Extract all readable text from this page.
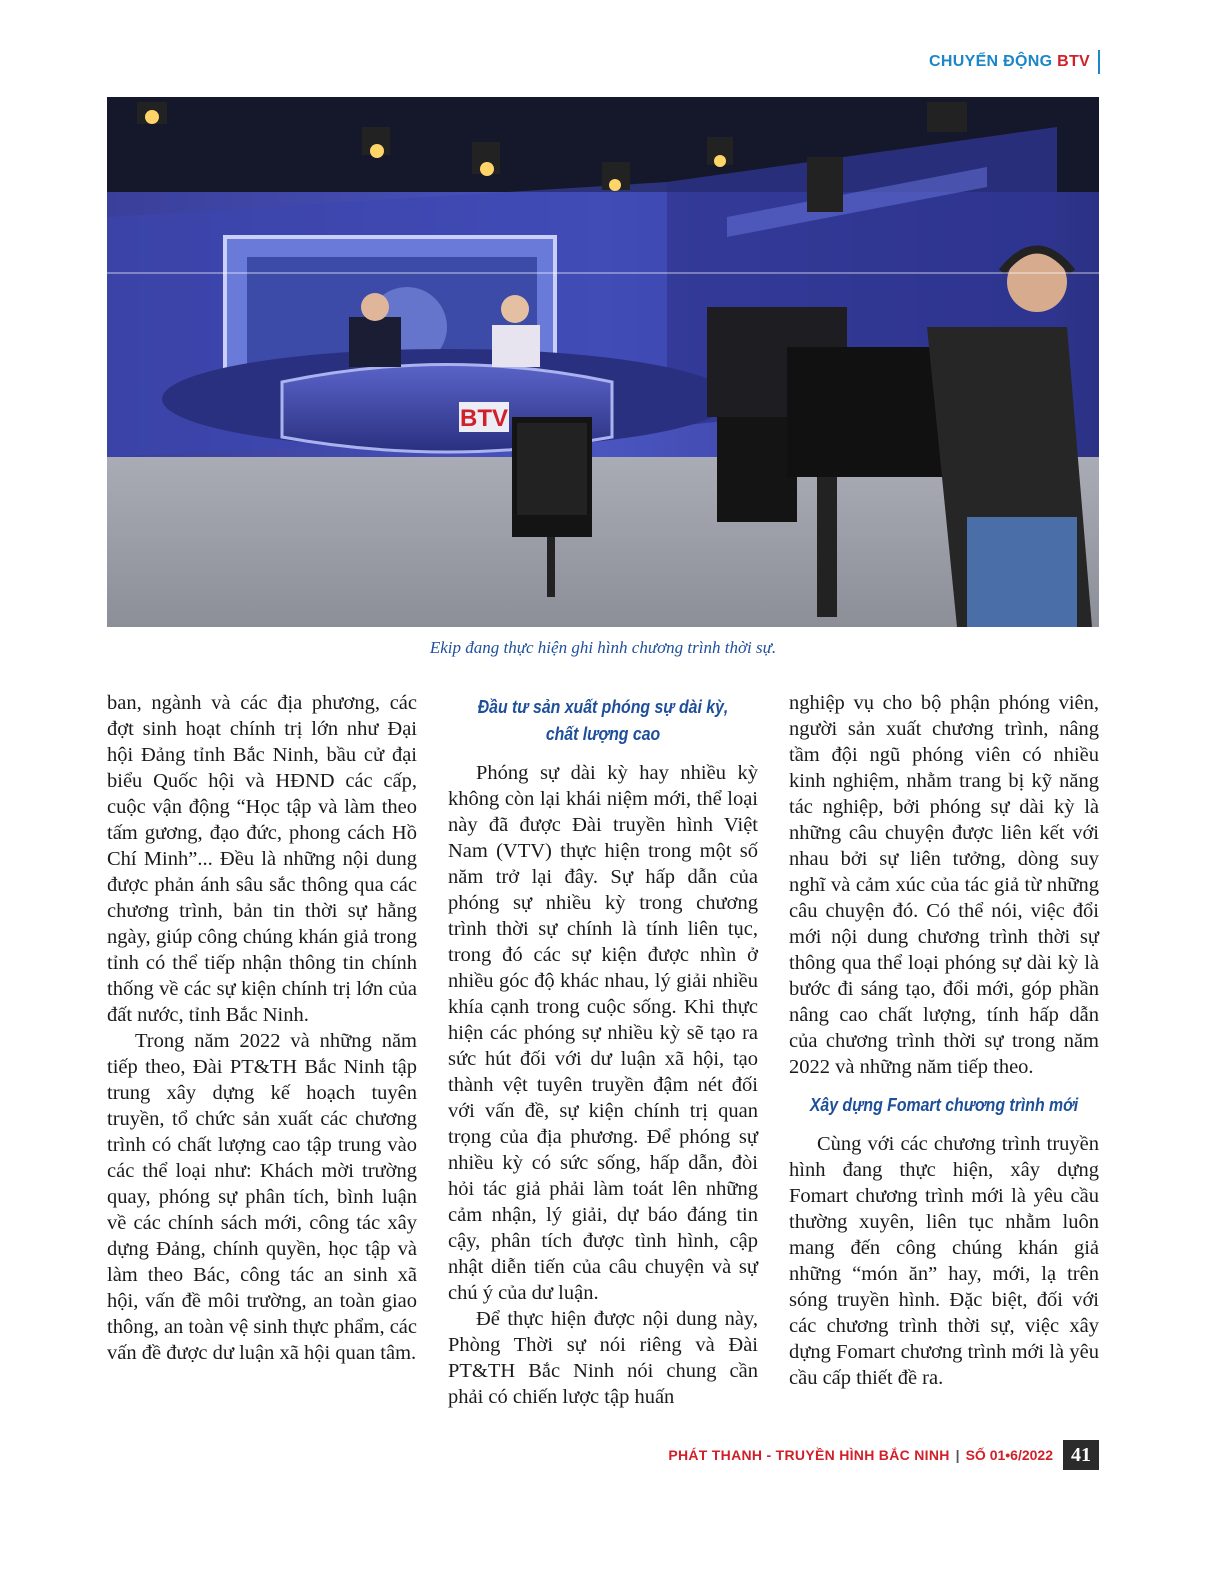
CHUYỂN ĐỘNG BTV
BTV
Ekip đang thực hiện ghi hình chương trình thời sự.

ban, ngành và các địa phương, các đợt sinh hoạt chính trị lớn như Đại hội Đảng tỉnh Bắc Ninh, bầu cử đại biểu Quốc hội và HĐND các cấp, cuộc vận động “Học tập và làm theo tấm gương, đạo đức, phong cách Hồ Chí Minh”... Đều là những nội dung được phản ánh sâu sắc thông qua các chương trình, bản tin thời sự hằng ngày, giúp công chúng khán giả trong tỉnh có thể tiếp nhận thông tin chính thống về các sự kiện chính trị lớn của đất nước, tỉnh Bắc Ninh.

Trong năm 2022 và những năm tiếp theo, Đài PT&TH Bắc Ninh tập trung xây dựng kế hoạch tuyên truyền, tổ chức sản xuất các chương trình có chất lượng cao tập trung vào các thể loại như: Khách mời trường quay, phóng sự phân tích, bình luận về các chính sách mới, công tác xây dựng Đảng, chính quyền, học tập và làm theo Bác, công tác an sinh xã hội, vấn đề môi trường, an toàn giao thông, an toàn vệ sinh thực phẩm, các vấn đề được dư luận xã hội quan tâm.

Đầu tư sản xuất phóng sự dài kỳ,
chất lượng cao

Phóng sự dài kỳ hay nhiều kỳ không còn lại khái niệm mới, thể loại này đã được Đài truyền hình Việt Nam (VTV) thực hiện trong một số năm trở lại đây. Sự hấp dẫn của phóng sự nhiều kỳ trong chương trình thời sự chính là tính liên tục, trong đó các sự kiện được nhìn ở nhiều góc độ khác nhau, lý giải nhiều khía cạnh trong cuộc sống. Khi thực hiện các phóng sự nhiều kỳ sẽ tạo ra sức hút đối với dư luận xã hội, tạo thành vệt tuyên truyền đậm nét đối với vấn đề, sự kiện chính trị quan trọng của địa phương. Để phóng sự nhiều kỳ có sức sống, hấp dẫn, đòi hỏi tác giả phải làm toát lên những cảm nhận, lý giải, dự báo đáng tin cậy, phân tích được tình hình, cập nhật diễn tiến của câu chuyện và sự chú ý của dư luận.

Để thực hiện được nội dung này, Phòng Thời sự nói riêng và Đài PT&TH Bắc Ninh nói chung cần phải có chiến lược tập huấn

nghiệp vụ cho bộ phận phóng viên, người sản xuất chương trình, nâng tầm đội ngũ phóng viên có nhiều kinh nghiệm, nhằm trang bị kỹ năng tác nghiệp, bởi phóng sự dài kỳ là những câu chuyện được liên kết với nhau bởi sự liên tưởng, dòng suy nghĩ và cảm xúc của tác giả từ những câu chuyện đó. Có thể nói, việc đổi mới nội dung chương trình thời sự thông qua thể loại phóng sự dài kỳ là bước đi sáng tạo, đổi mới, góp phần nâng cao chất lượng, tính hấp dẫn của chương trình thời sự trong năm 2022 và những năm tiếp theo.

Xây dựng Fomart chương trình mới

Cùng với các chương trình truyền hình đang thực hiện, xây dựng Fomart chương trình mới là yêu cầu thường xuyên, liên tục nhằm luôn mang đến công chúng khán giả những “món ăn” hay, mới, lạ trên sóng truyền hình. Đặc biệt, đối với các chương trình thời sự, việc xây dựng Fomart chương trình mới là yêu cầu cấp thiết đề ra.

PHÁT THANH - TRUYỀN HÌNH BẮC NINH | SỐ 01•6/2022 41
